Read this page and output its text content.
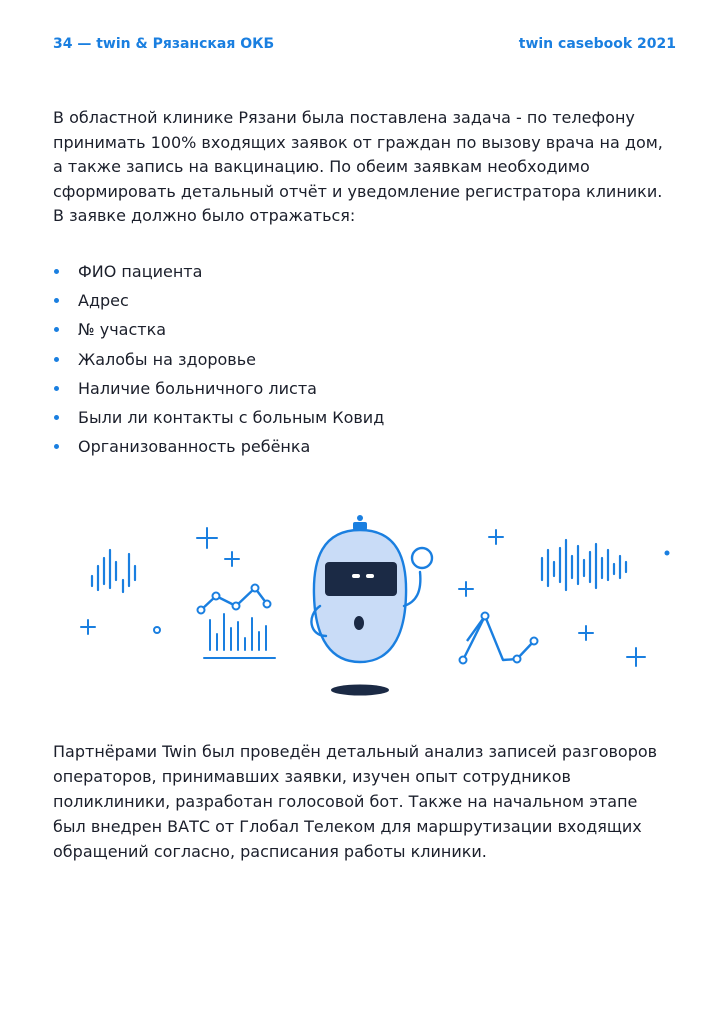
34 — twin & Рязанская ОКБ	twin casebook 2021

В областной клинике Рязани была поставлена задача - по телефону принимать 100% входящих заявок от граждан по вызову врача на дом, а также запись на вакцинацию. По обеим заявкам необходимо сформировать детальный отчёт и уведомление регистратора клиники. В заявке должно было отражаться:

ФИО пациента
Адрес
№ участка
Жалобы на здоровье
Наличие больничного листа
Были ли контакты с больным Ковид
Организованность ребёнка

Партнёрами Twin был проведён детальный анализ записей разговоров операторов, принимавших заявки, изучен опыт сотрудников поликлиники, разработан голосовой бот. Также на начальном этапе был внедрен ВАТС от Глобал Телеком для маршрутизации входящих обращений согласно, расписания работы клиники.
